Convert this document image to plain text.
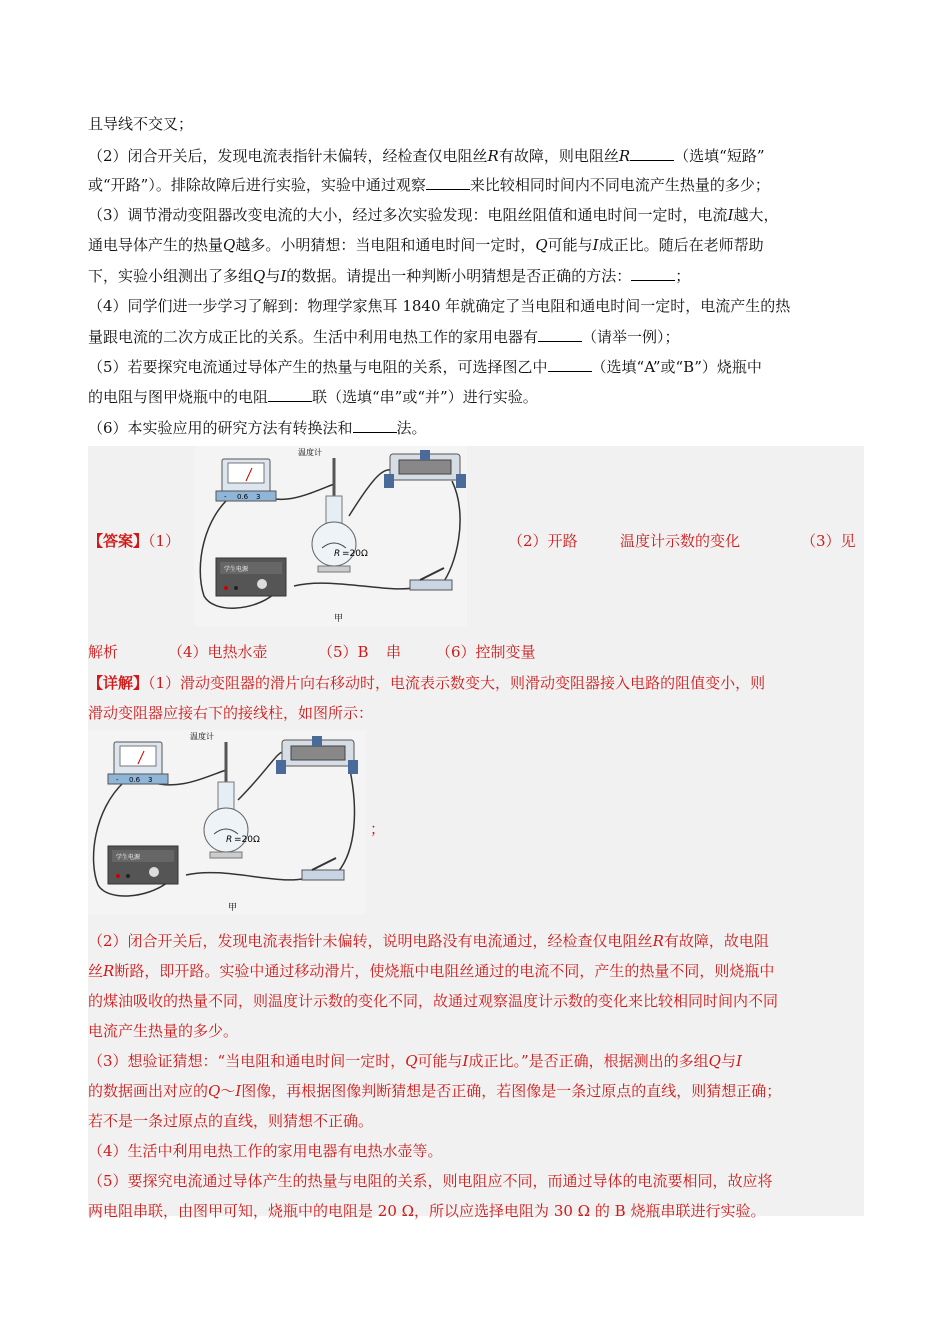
且导线不交叉；
（2）闭合开关后，发现电流表指针未偏转，经检查仅电阻丝R有故障，则电阻丝R	（选填“短路”
或“开路”）。排除故障后进行实验，实验中通过观察	来比较相同时间内不同电流产生热量的多少；
（3）调节滑动变阻器改变电流的大小，经过多次实验发现：电阻丝阻值和通电时间一定时，电流I越大，
通电导体产生的热量Q越多。小明猜想：当电阻和通电时间一定时，Q可能与I成正比。随后在老师帮助
下，实验小组测出了多组Q与I的数据。请提出一种判断小明猜想是否正确的方法：	；
（4）同学们进一步学习了解到：物理学家焦耳 1840 年就确定了当电阻和通电时间一定时，电流产生的热
量跟电流的二次方成正比的关系。生活中利用电热工作的家用电器有	（请举一例）；
（5）若要探究电流通过导体产生的热量与电阻的关系，可选择图乙中	（选填“A”或“B”）烧瓶中
的电阻与图甲烧瓶中的电阻	联（选填“串”或“并”）进行实验。
（6）本实验应用的研究方法有转换法和	法。
- 0.6 3
温度计
R =20Ω
学生电源
甲
【答案】（1）	（2）开路	温度计示数的变化	（3）见
解析	（4）电热水壶	（5）B 串 （6）控制变量
【详解】（1）滑动变阻器的滑片向右移动时，电流表示数变大，则滑动变阻器接入电路的阻值变小，则
滑动变阻器应接右下的接线柱，如图所示：
- 0.6 3
温度计
R =20Ω
学生电源
甲
；
（2）闭合开关后，发现电流表指针未偏转，说明电路没有电流通过，经检查仅电阻丝R有故障，故电阻
丝R断路，即开路。实验中通过移动滑片，使烧瓶中电阻丝通过的电流不同，产生的热量不同，则烧瓶中
的煤油吸收的热量不同，则温度计示数的变化不同，故通过观察温度计示数的变化来比较相同时间内不同
电流产生热量的多少。
（3）想验证猜想：“当电阻和通电时间一定时，Q可能与I成正比。”是否正确，根据测出的多组Q与I
的数据画出对应的Q～I图像，再根据图像判断猜想是否正确，若图像是一条过原点的直线，则猜想正确；
若不是一条过原点的直线，则猜想不正确。
（4）生活中利用电热工作的家用电器有电热水壶等。
（5）要探究电流通过导体产生的热量与电阻的关系，则电阻应不同，而通过导体的电流要相同，故应将
两电阻串联，由图甲可知，烧瓶中的电阻是 20 Ω，所以应选择电阻为 30 Ω 的 B 烧瓶串联进行实验。
